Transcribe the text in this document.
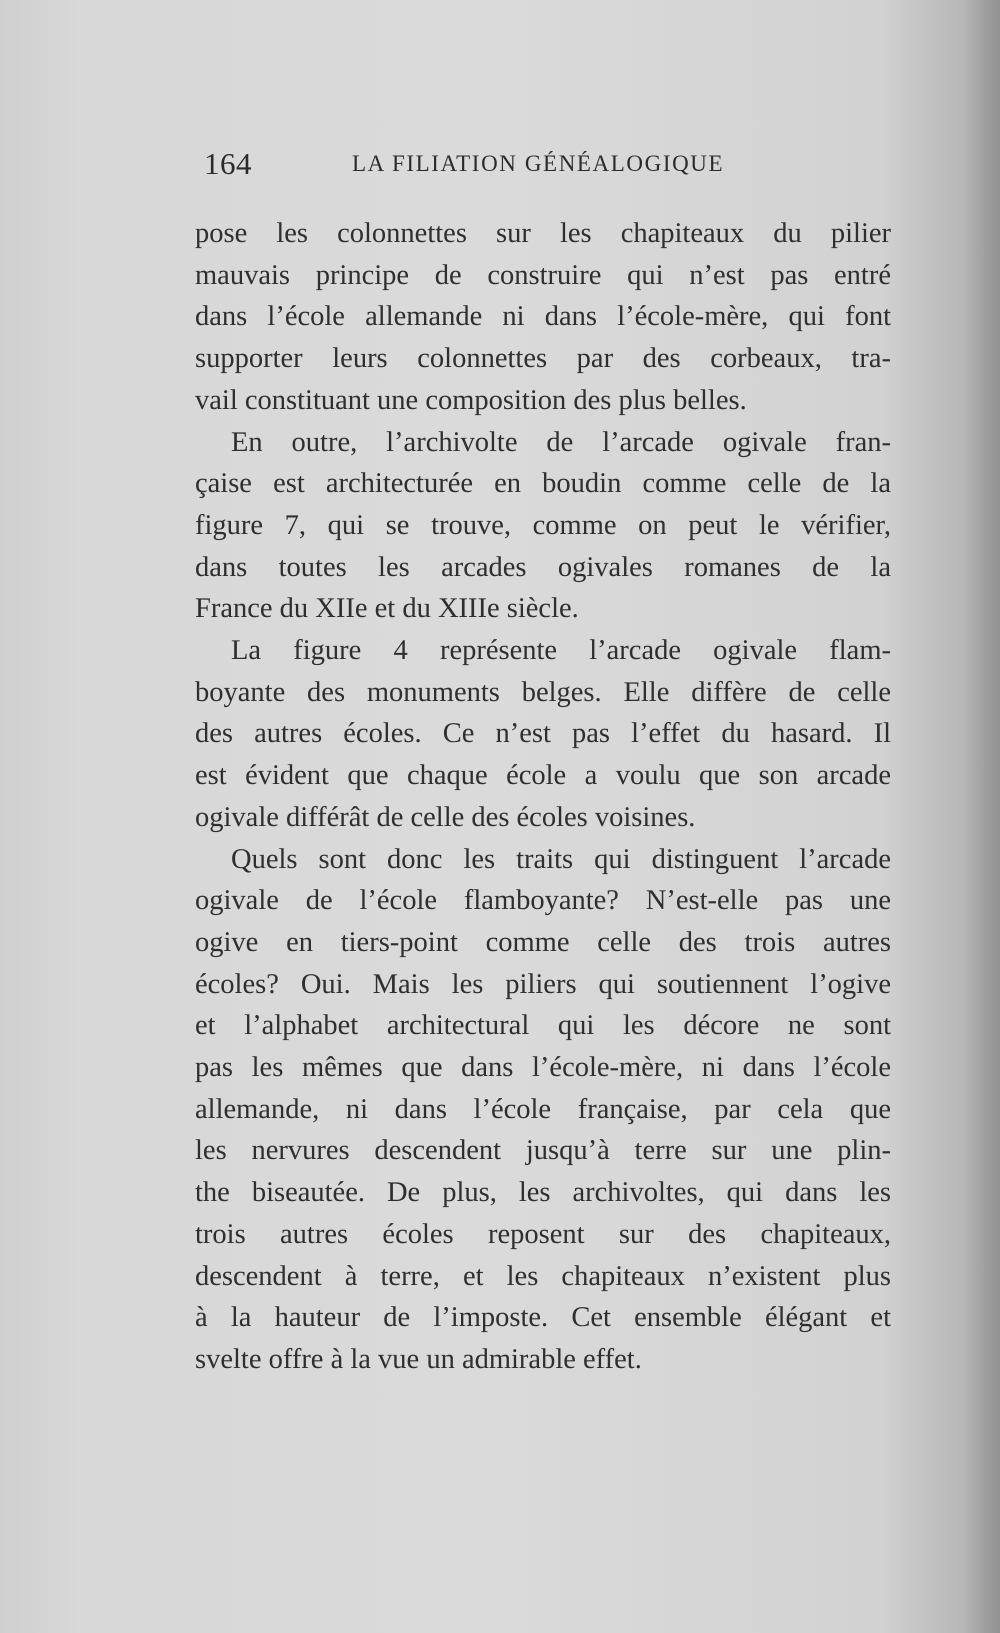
164	LA FILIATION GÉNÉALOGIQUE

pose les colonnettes sur les chapiteaux du pilier
mauvais principe de construire qui n’est pas entré
dans l’école allemande ni dans l’école-mère, qui font
supporter leurs colonnettes par des corbeaux, tra-
vail constituant une composition des plus belles.

En outre, l’archivolte de l’arcade ogivale fran-
çaise est architecturée en boudin comme celle de la
figure 7, qui se trouve, comme on peut le vérifier,
dans toutes les arcades ogivales romanes de la
France du XIIe et du XIIIe siècle.

La figure 4 représente l’arcade ogivale flam-
boyante des monuments belges. Elle diffère de celle
des autres écoles. Ce n’est pas l’effet du hasard. Il
est évident que chaque école a voulu que son arcade
ogivale différât de celle des écoles voisines.

Quels sont donc les traits qui distinguent l’arcade
ogivale de l’école flamboyante? N’est-elle pas une
ogive en tiers-point comme celle des trois autres
écoles? Oui. Mais les piliers qui soutiennent l’ogive
et l’alphabet architectural qui les décore ne sont
pas les mêmes que dans l’école-mère, ni dans l’école
allemande, ni dans l’école française, par cela que
les nervures descendent jusqu’à terre sur une plin-
the biseautée. De plus, les archivoltes, qui dans les
trois autres écoles reposent sur des chapiteaux,
descendent à terre, et les chapiteaux n’existent plus
à la hauteur de l’imposte. Cet ensemble élégant et
svelte offre à la vue un admirable effet.
